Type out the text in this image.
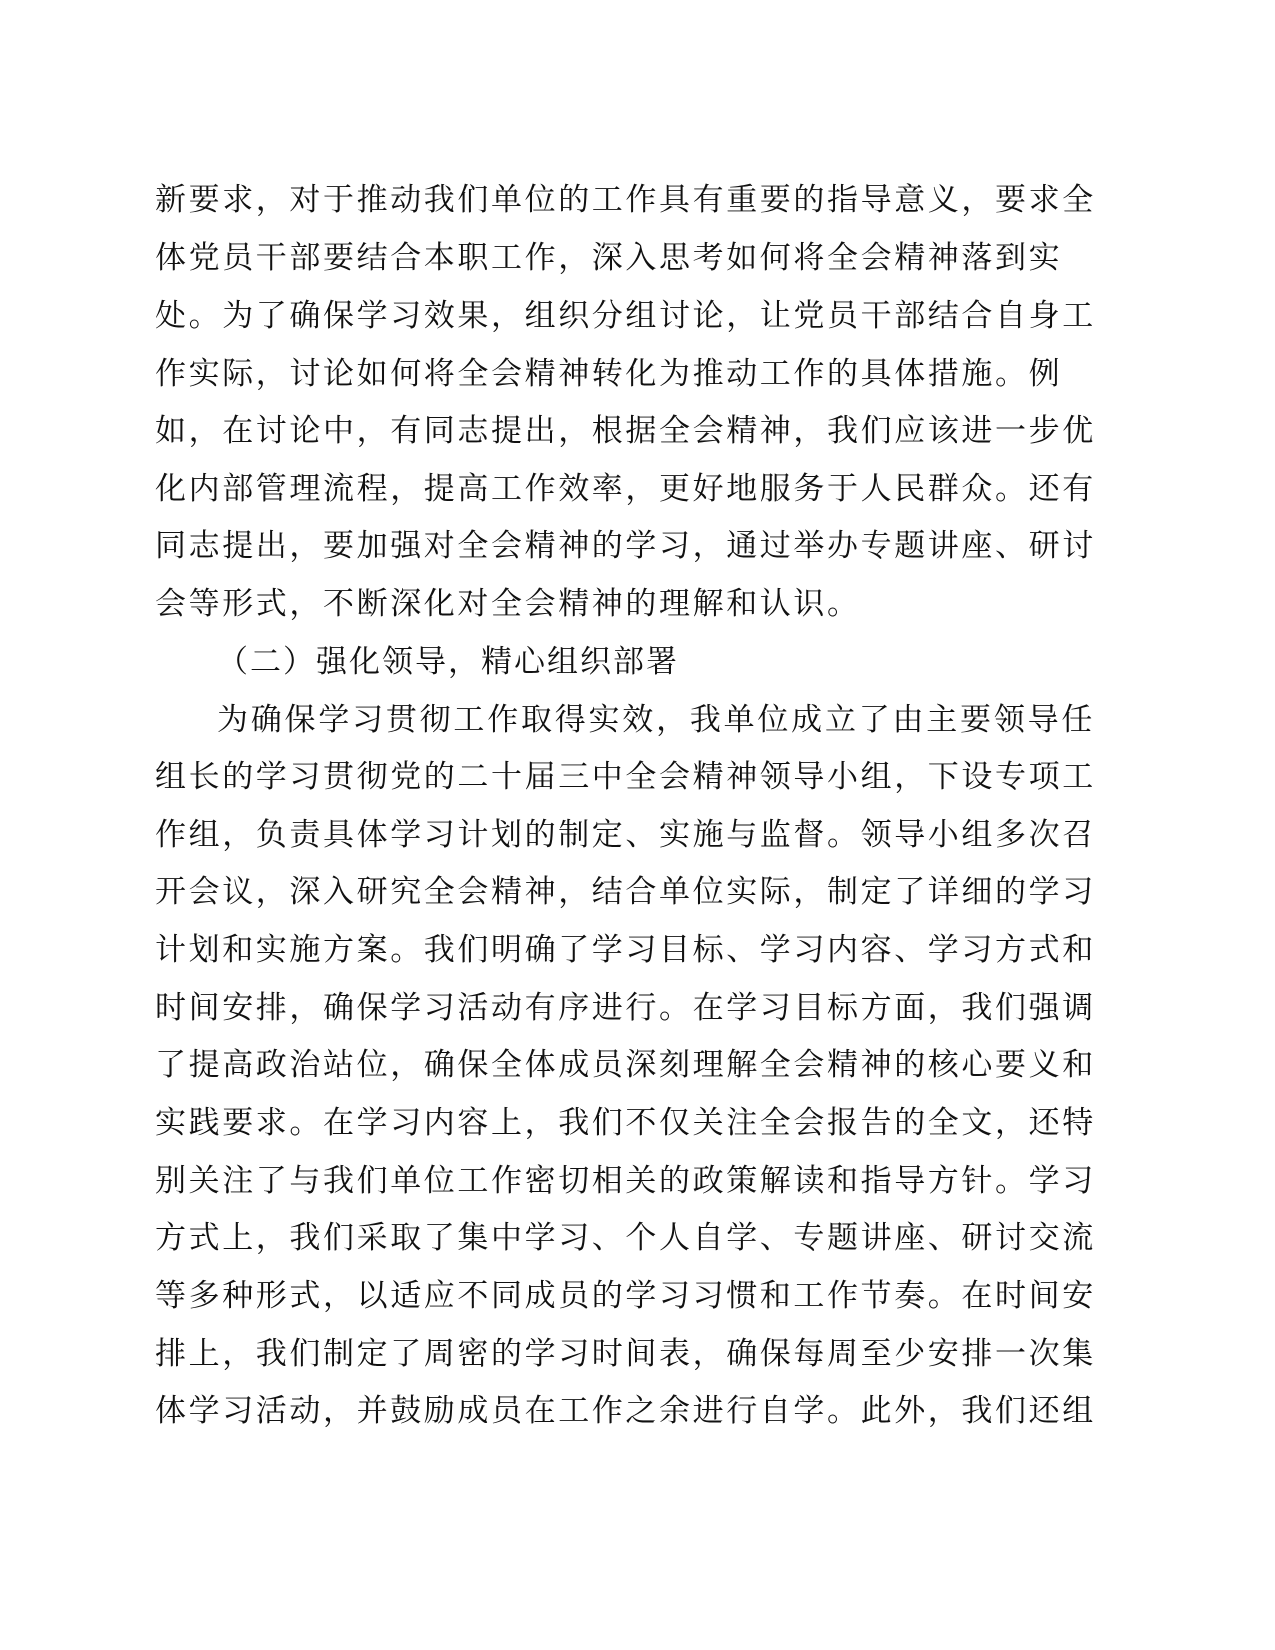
新要求，对于推动我们单位的工作具有重要的指导意义，要求全
体党员干部要结合本职工作，深入思考如何将全会精神落到实
处。为了确保学习效果，组织分组讨论，让党员干部结合自身工
作实际，讨论如何将全会精神转化为推动工作的具体措施。例
如，在讨论中，有同志提出，根据全会精神，我们应该进一步优
化内部管理流程，提高工作效率，更好地服务于人民群众。还有
同志提出，要加强对全会精神的学习，通过举办专题讲座、研讨
会等形式，不断深化对全会精神的理解和认识。
（二）强化领导，精心组织部署
为确保学习贯彻工作取得实效，我单位成立了由主要领导任
组长的学习贯彻党的二十届三中全会精神领导小组，下设专项工
作组，负责具体学习计划的制定、实施与监督。领导小组多次召
开会议，深入研究全会精神，结合单位实际，制定了详细的学习
计划和实施方案。我们明确了学习目标、学习内容、学习方式和
时间安排，确保学习活动有序进行。在学习目标方面，我们强调
了提高政治站位，确保全体成员深刻理解全会精神的核心要义和
实践要求。在学习内容上，我们不仅关注全会报告的全文，还特
别关注了与我们单位工作密切相关的政策解读和指导方针。学习
方式上，我们采取了集中学习、个人自学、专题讲座、研讨交流
等多种形式，以适应不同成员的学习习惯和工作节奏。在时间安
排上，我们制定了周密的学习时间表，确保每周至少安排一次集
体学习活动，并鼓励成员在工作之余进行自学。此外，我们还组
